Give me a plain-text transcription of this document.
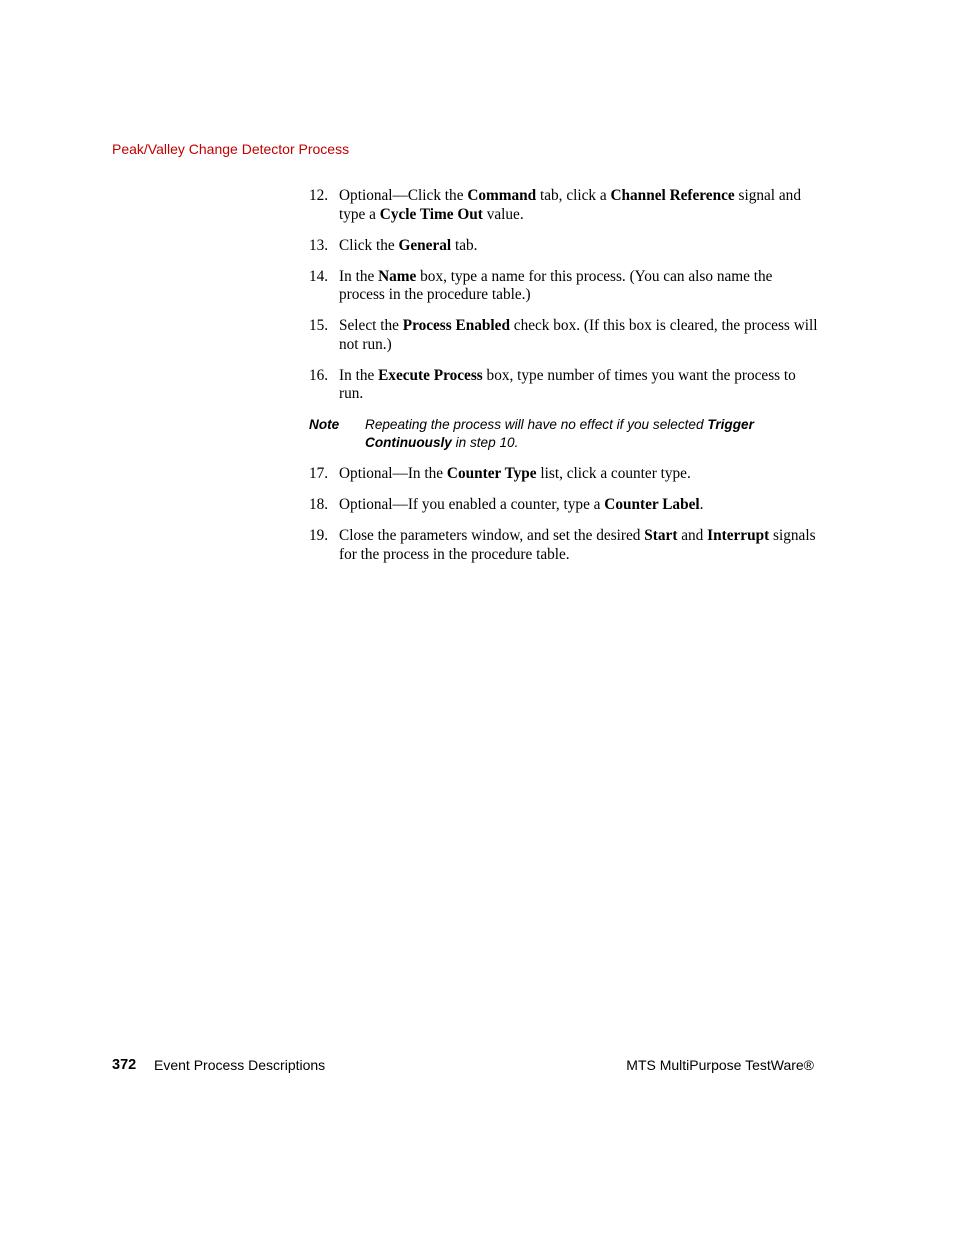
Peak/Valley Change Detector Process
12. Optional—Click the Command tab, click a Channel Reference signal and type a Cycle Time Out value.
13. Click the General tab.
14. In the Name box, type a name for this process. (You can also name the process in the procedure table.)
15. Select the Process Enabled check box. (If this box is cleared, the process will not run.)
16. In the Execute Process box, type number of times you want the process to run.
Note	Repeating the process will have no effect if you selected Trigger Continuously in step 10.
17. Optional—In the Counter Type list, click a counter type.
18. Optional—If you enabled a counter, type a Counter Label.
19. Close the parameters window, and set the desired Start and Interrupt signals for the process in the procedure table.
372 Event Process Descriptions	MTS MultiPurpose TestWare®
